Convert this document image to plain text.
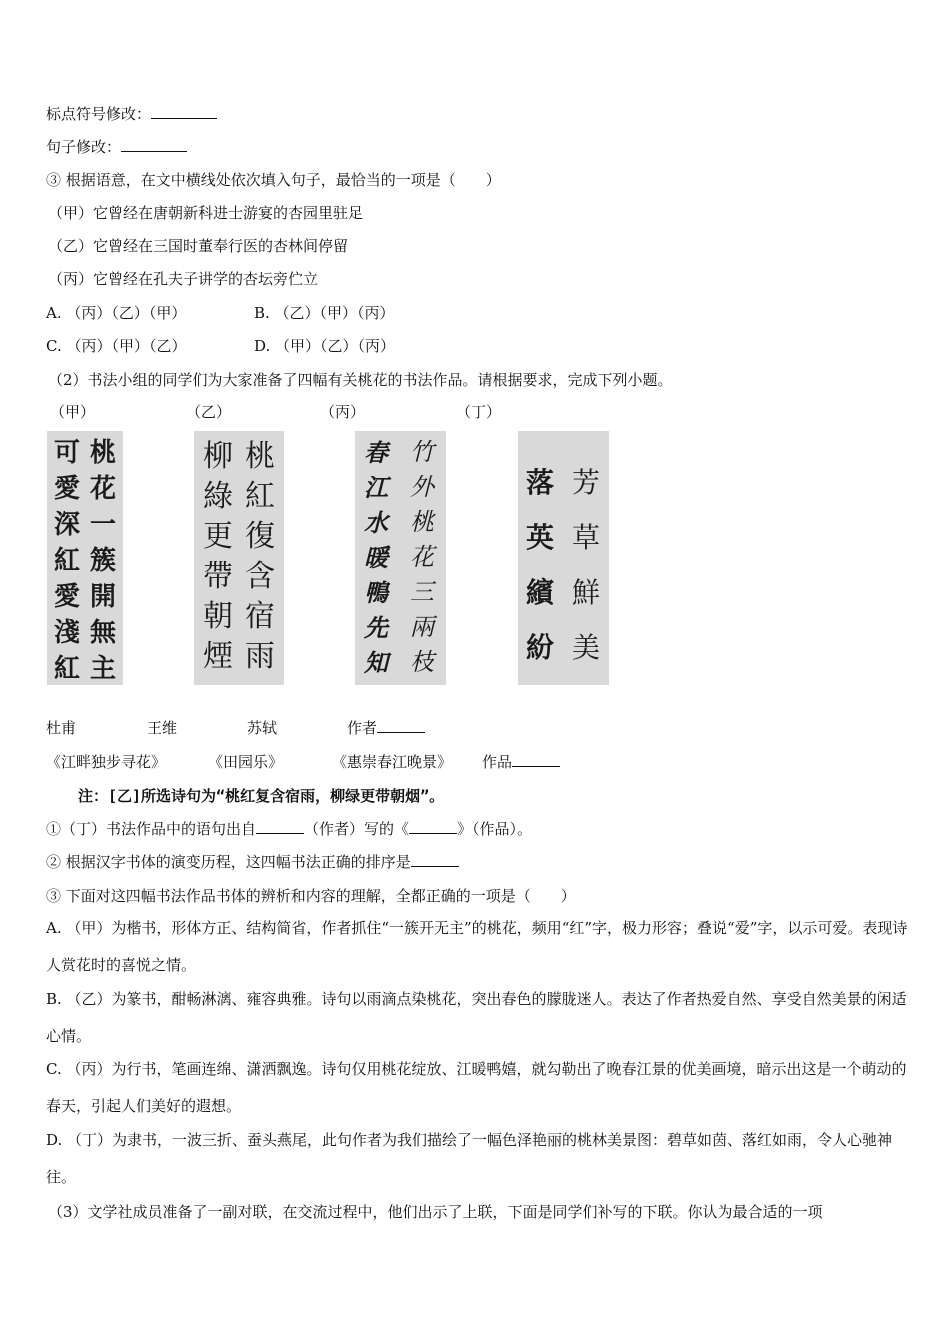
标点符号修改：
句子修改：
③ 根据语意，在文中横线处依次填入句子，最恰当的一项是（　　）
（甲）它曾经在唐朝新科进士游宴的杏园里驻足
（乙）它曾经在三国时董奉行医的杏林间停留
（丙）它曾经在孔夫子讲学的杏坛旁伫立
A. （丙）（乙）（甲）	B. （乙）（甲）（丙）
C. （丙）（甲）（乙）	D. （甲）（乙）（丙）
（2）书法小组的同学们为大家准备了四幅有关桃花的书法作品。请根据要求，完成下列小题。
（甲）	（乙）	（丙）	（丁）
桃
花
一
簇
開
無
主
可
愛
深
紅
愛
淺
紅
桃
紅
復
含
宿
雨
柳
綠
更
帶
朝
煙
竹
外
桃
花
三
兩
枝
春
江
水
暖
鴨
先
知
芳
草
鮮
美
落
英
繽
紛
杜甫	王维	苏轼	作者
《江畔独步寻花》	《田园乐》	《惠崇春江晚景》 作品
注：[乙]所选诗句为“桃红复含宿雨，柳绿更带朝烟”。
①（丁）书法作品中的语句出自	（作者）写的《	》（作品）。
② 根据汉字书体的演变历程，这四幅书法正确的排序是
③ 下面对这四幅书法作品书体的辨析和内容的理解，全都正确的一项是（　　）
A. （甲）为楷书，形体方正、结构简省，作者抓住“一簇开无主”的桃花，频用“红”字，极力形容；叠说“爱”字，以示可爱。表现诗人赏花时的喜悦之情。
B. （乙）为篆书，酣畅淋漓、雍容典雅。诗句以雨滴点染桃花，突出春色的朦胧迷人。表达了作者热爱自然、享受自然美景的闲适心情。
C. （丙）为行书，笔画连绵、潇洒飘逸。诗句仅用桃花绽放、江暖鸭嬉，就勾勒出了晚春江景的优美画境，暗示出这是一个萌动的春天，引起人们美好的遐想。
D. （丁）为隶书，一波三折、蚕头燕尾，此句作者为我们描绘了一幅色泽艳丽的桃林美景图：碧草如茵、落红如雨，令人心驰神往。
（3）文学社成员准备了一副对联，在交流过程中，他们出示了上联，下面是同学们补写的下联。你认为最合适的一项
